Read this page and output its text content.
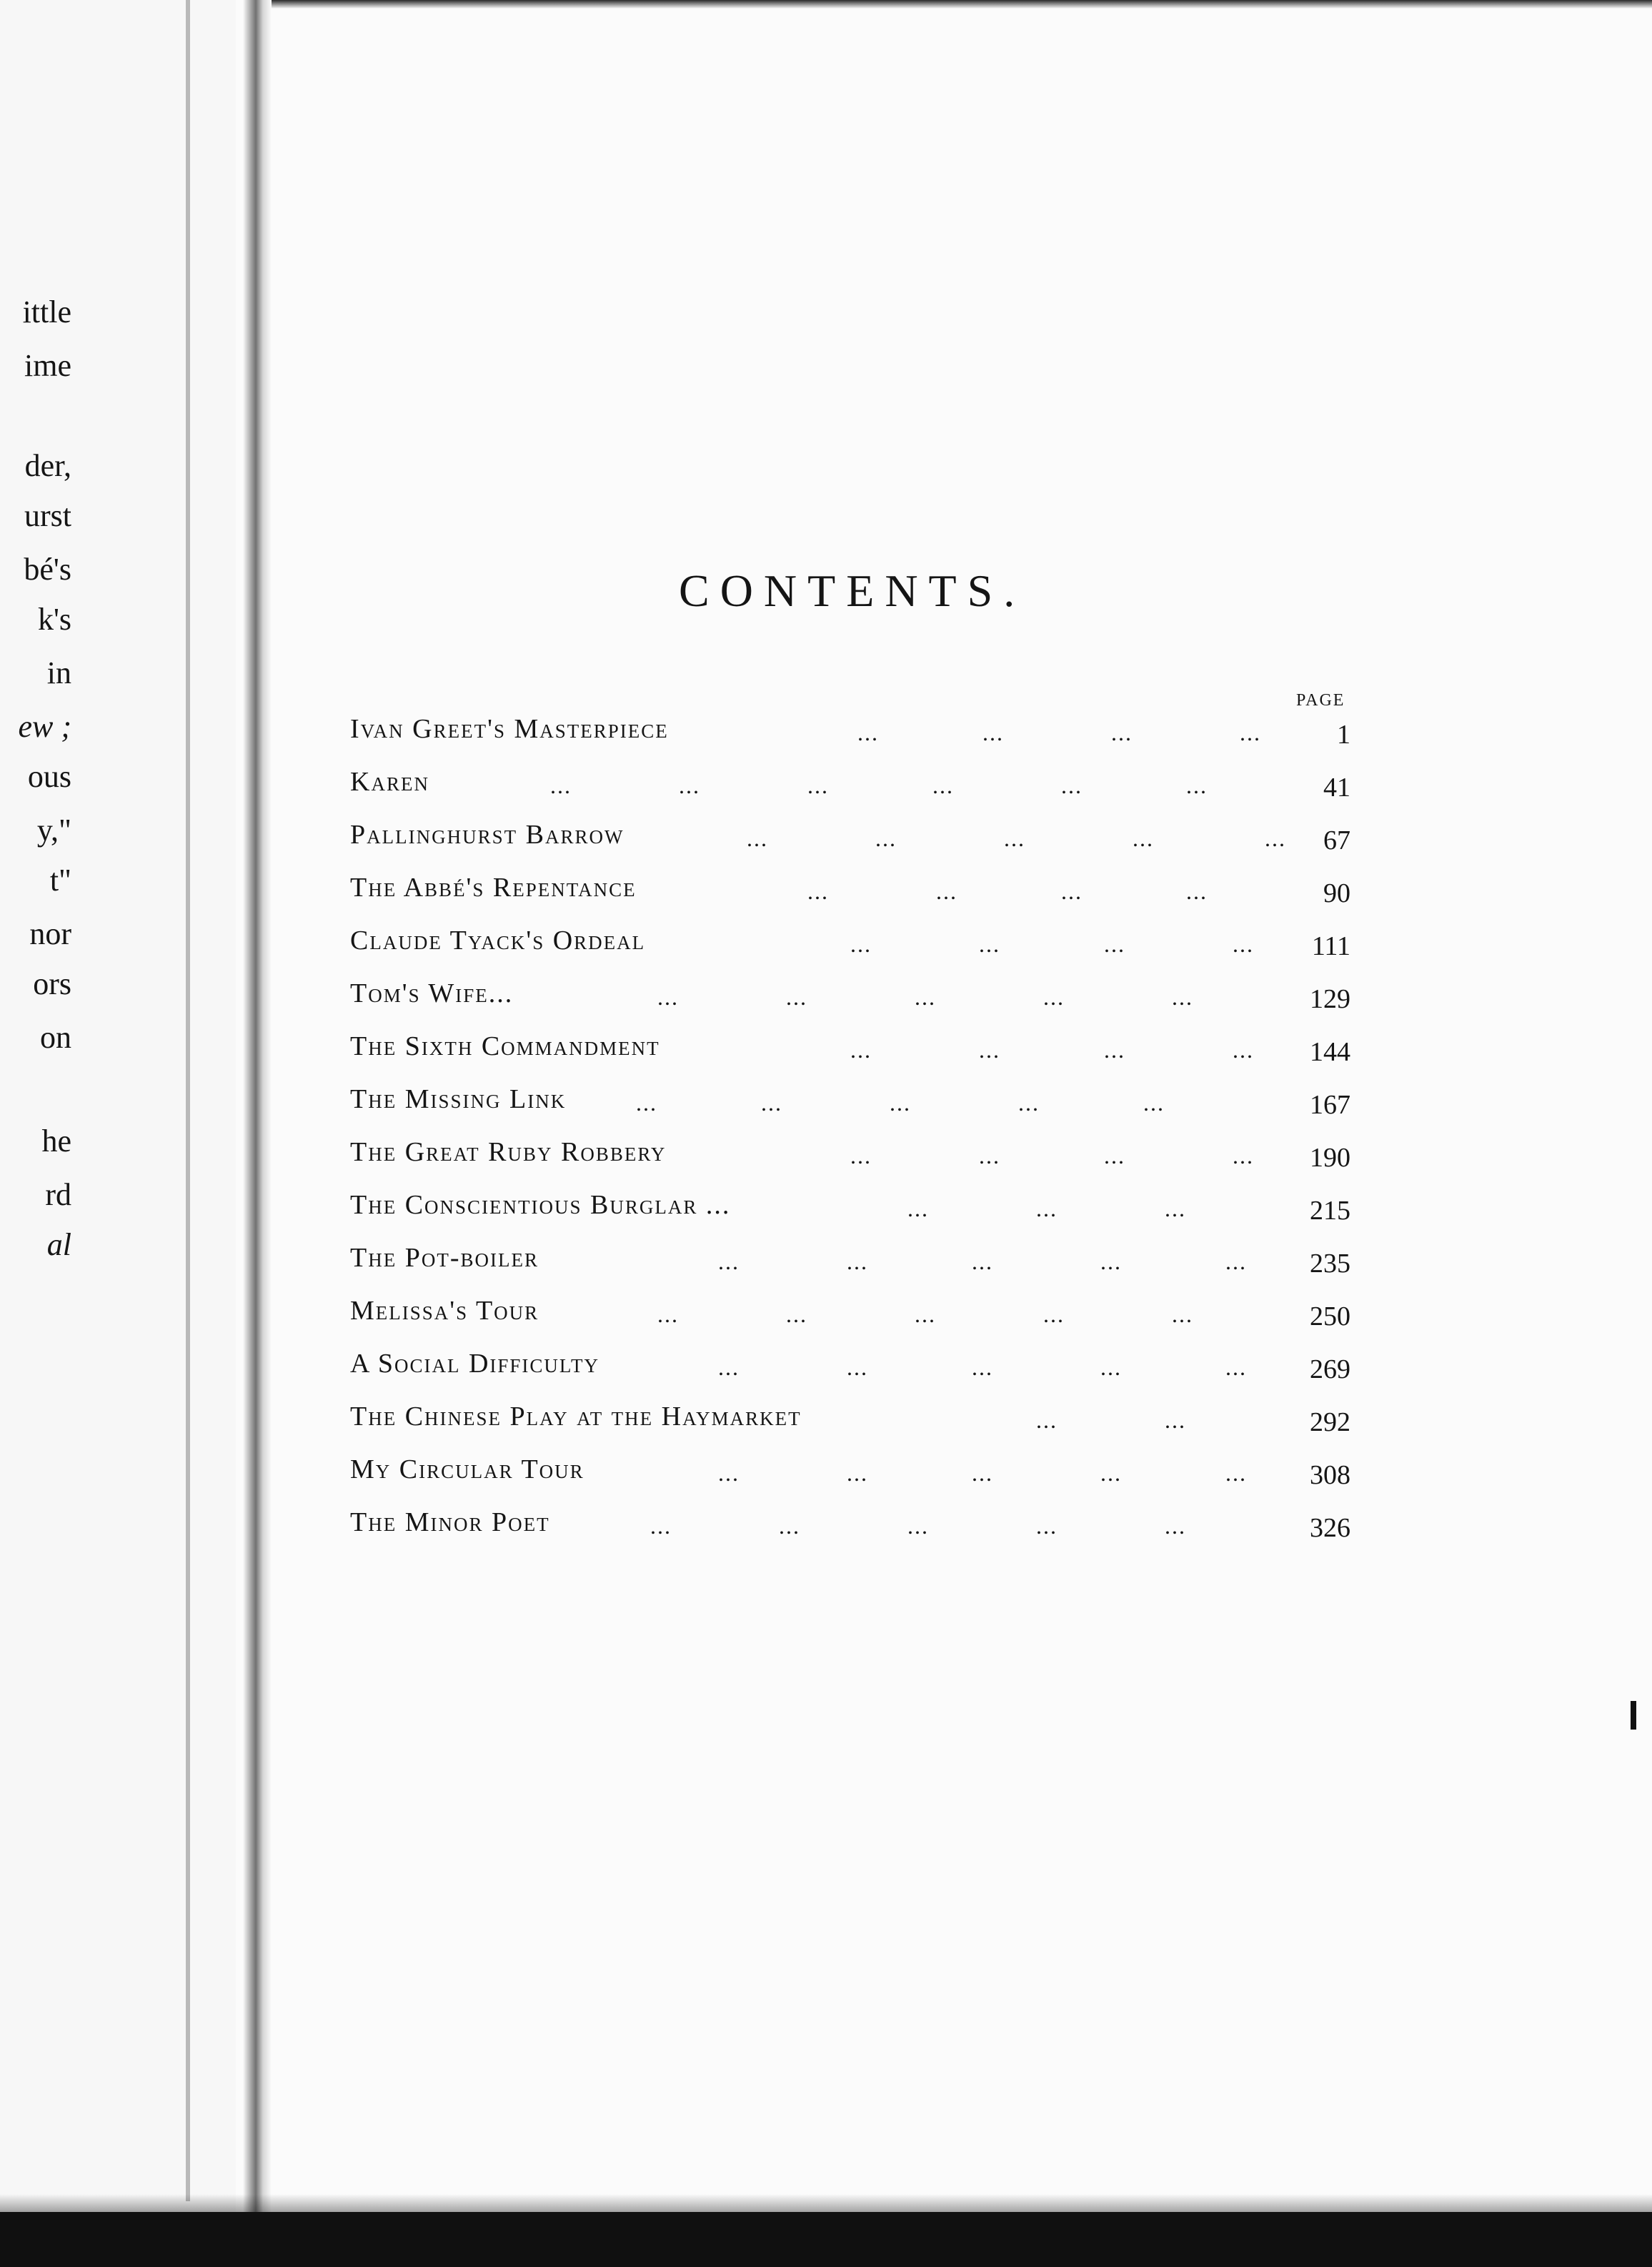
ittle
ime
der,
urst
bé's
k's
in
ew ;
ous
y,"
t"
nor
ors
on
he
rd
al
CONTENTS.
PAGE
Ivan Greet's Masterpiece	...	...	...	...	1
Karen	...	...	...	...	...	...	41
Pallinghurst Barrow	...	...	...	...	... 67
The Abbé's Repentance	...	...	...	...	90
Claude Tyack's Ordeal	...	...	...	... 111
Tom's Wife...	...	...	...	...	...	129
The Sixth Commandment	...	...	...	... 144
The Missing Link	...	...	...	...	...	167
The Great Ruby Robbery	...	...	...	... 190
The Conscientious Burglar ...	...	...	...	215
The Pot-boiler	...	...	...	...	... 235
Melissa's Tour	...	...	...	...	...	250
A Social Difficulty	...	...	...	...	... 269
The Chinese Play at the Haymarket	...	...	292
My Circular Tour	...	...	...	...	... 308
The Minor Poet	...	...	...	...	...	326
